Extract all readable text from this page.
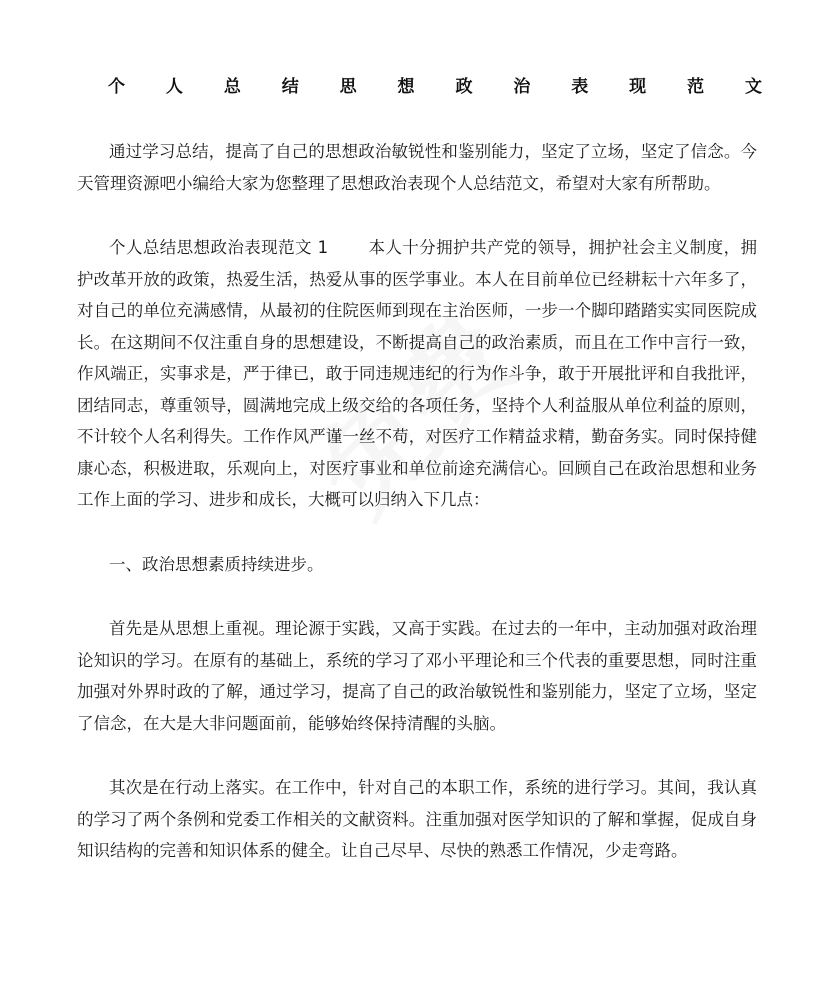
个 人 总 结 思 想 政 治 表 现 范 文

通过学习总结，提高了自己的思想政治敏锐性和鉴别能力，坚定了立场，坚定了信念。今天管理资源吧小编给大家为您整理了思想政治表现个人总结范文，希望对大家有所帮助。

个人总结思想政治表现范文 1 本人十分拥护共产党的领导，拥护社会主义制度，拥护改革开放的政策，热爱生活，热爱从事的医学事业。本人在目前单位已经耕耘十六年多了，对自己的单位充满感情，从最初的住院医师到现在主治医师，一步一个脚印踏踏实实同医院成长。在这期间不仅注重自身的思想建设，不断提高自己的政治素质，而且在工作中言行一致，作风端正，实事求是，严于律已，敢于同违规违纪的行为作斗争，敢于开展批评和自我批评，团结同志，尊重领导，圆满地完成上级交给的各项任务，坚持个人利益服从单位利益的原则，不计较个人名利得失。工作作风严谨一丝不苟，对医疗工作精益求精，勤奋务实。同时保持健康心态，积极进取，乐观向上，对医疗事业和单位前途充满信心。回顾自己在政治思想和业务工作上面的学习、进步和成长，大概可以归纳入下几点：

一、政治思想素质持续进步。

首先是从思想上重视。理论源于实践，又高于实践。在过去的一年中，主动加强对政治理论知识的学习。在原有的基础上，系统的学习了邓小平理论和三个代表的重要思想，同时注重加强对外界时政的了解，通过学习，提高了自己的政治敏锐性和鉴别能力，坚定了立场，坚定了信念，在大是大非问题面前，能够始终保持清醒的头脑。

其次是在行动上落实。在工作中，针对自己的本职工作，系统的进行学习。其间，我认真的学习了两个条例和党委工作相关的文献资料。注重加强对医学知识的了解和掌握，促成自身知识结构的完善和知识体系的健全。让自己尽早、尽快的熟悉工作情况，少走弯路。
